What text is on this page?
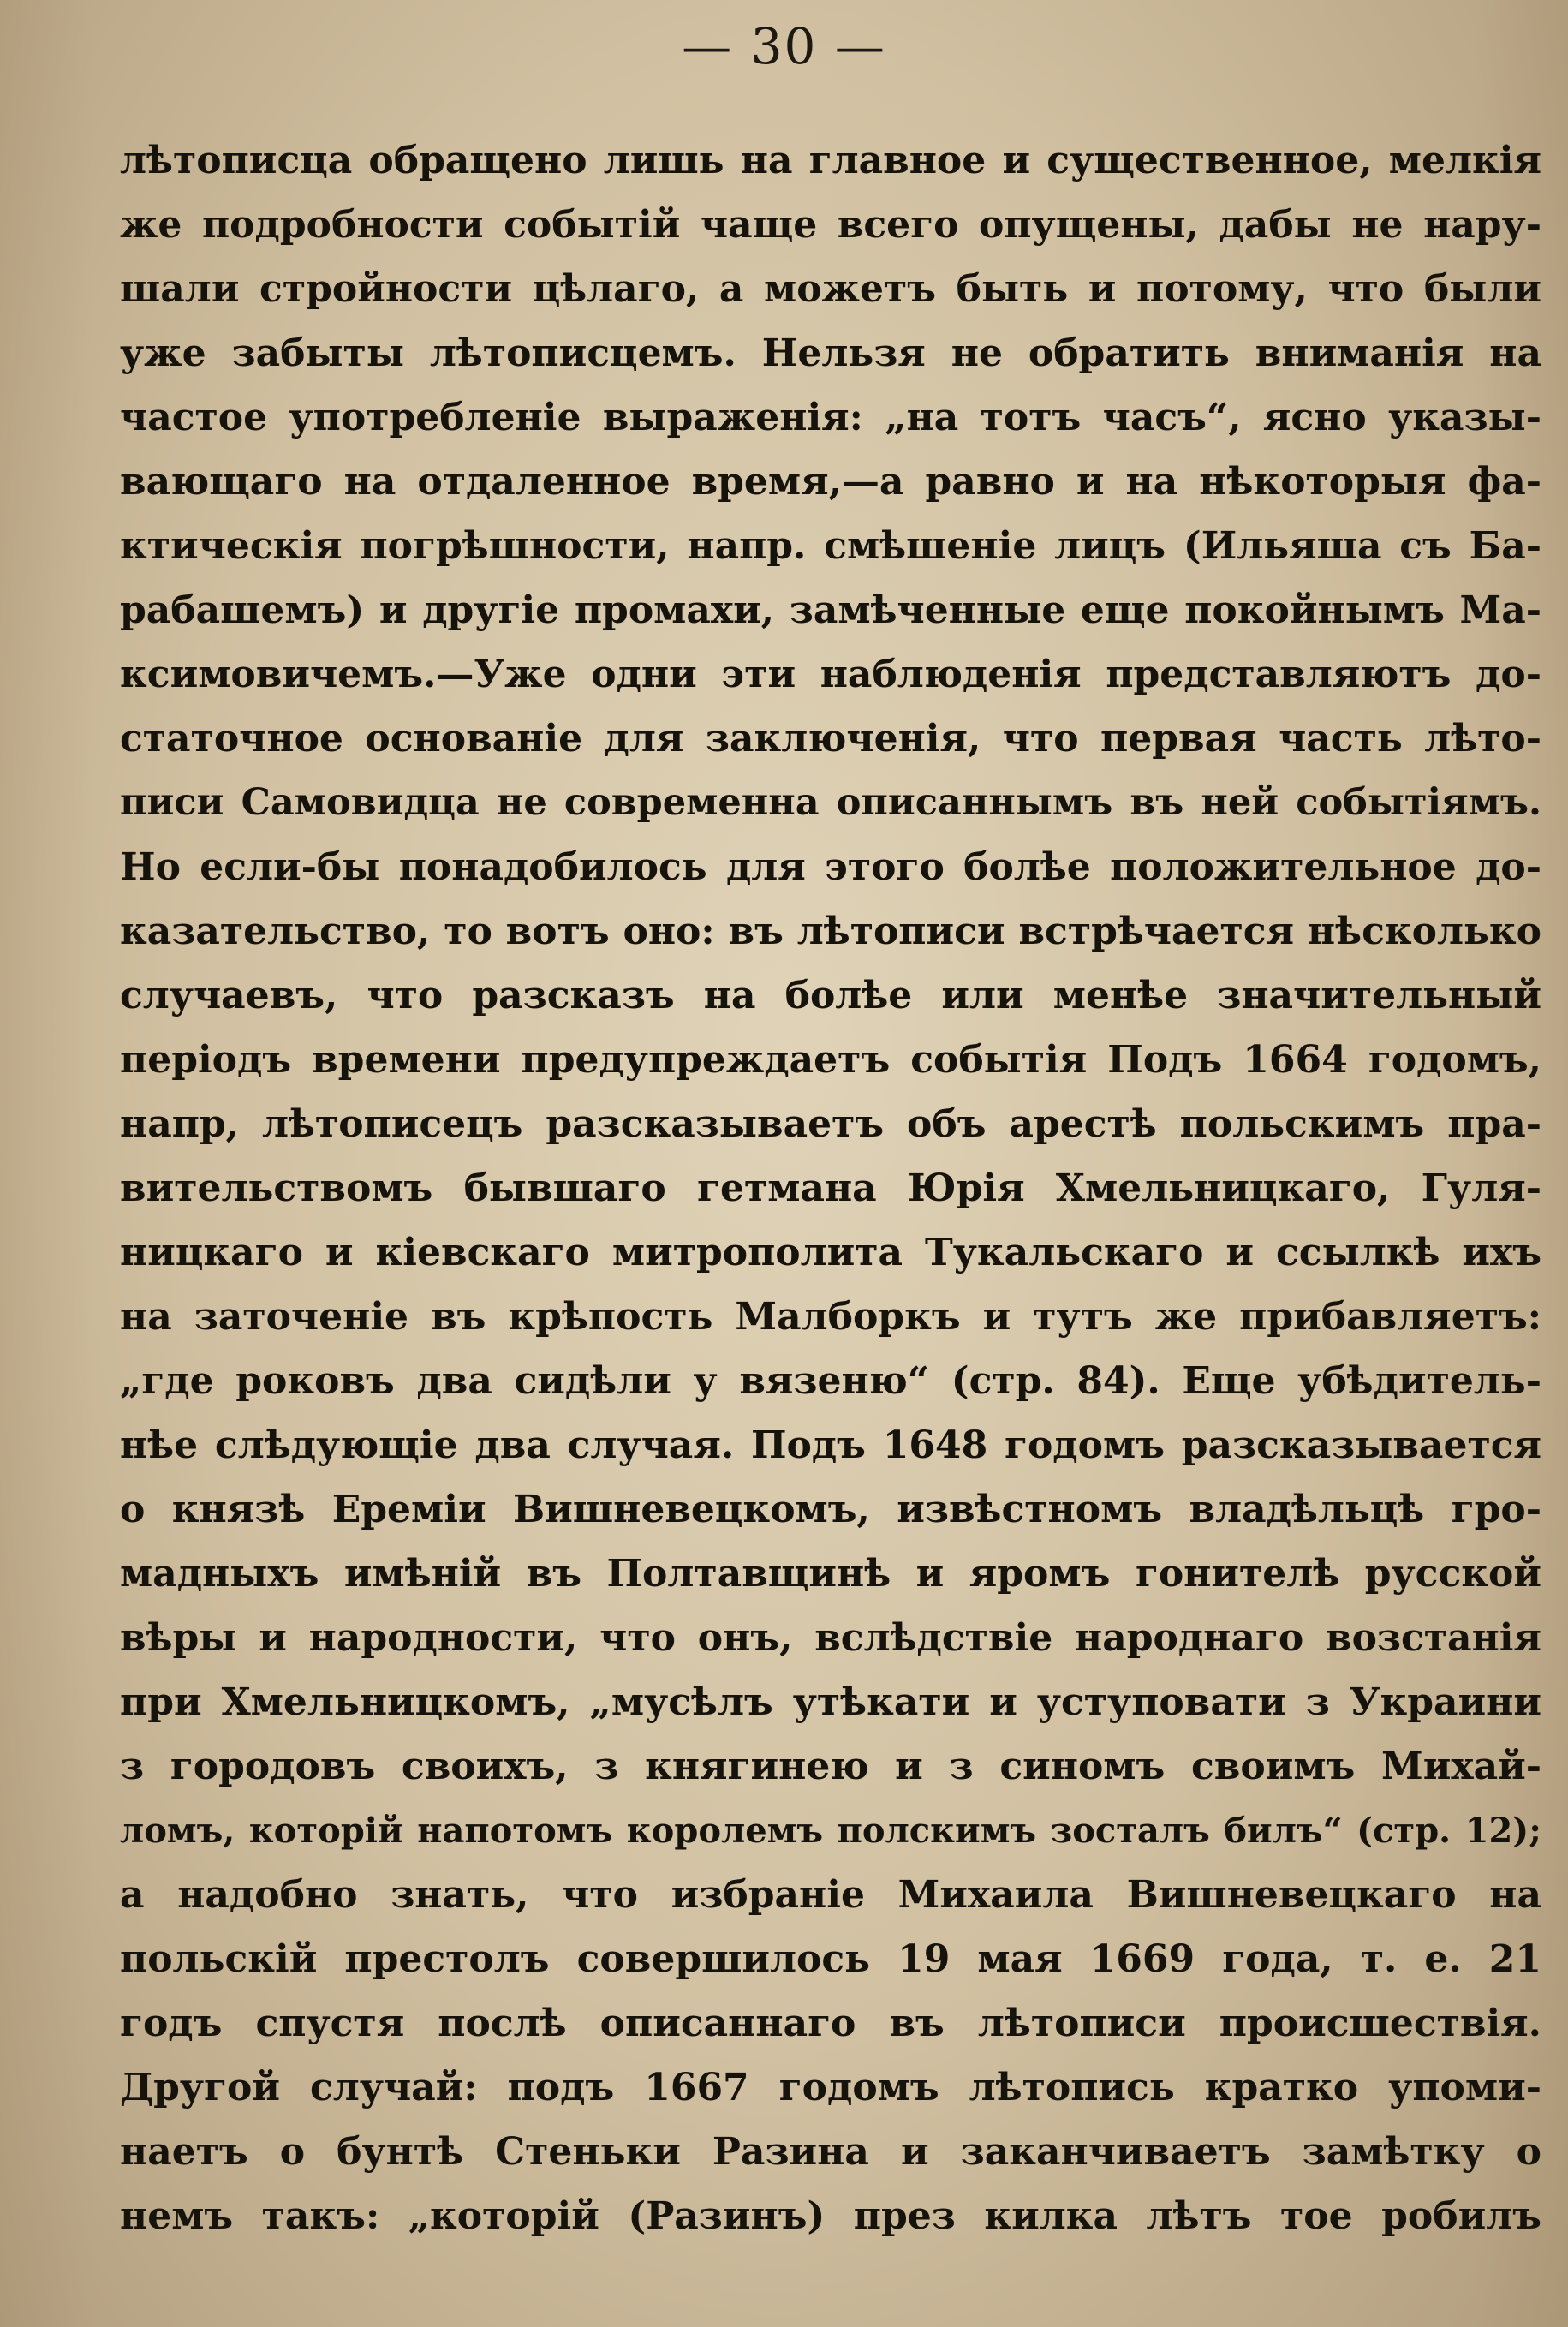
— 30 —
лѣтописца обращено лишь на главное и существенное, мелкія
же подробности событій чаще всего опущены, дабы не нару-
шали стройности цѣлаго, а можетъ быть и потому, что были
уже забыты лѣтописцемъ. Нельзя не обратить вниманія на
частое употребленіе выраженія: „на тотъ часъ“, ясно указы-
вающаго на отдаленное время,—а равно и на нѣкоторыя фа-
ктическія погрѣшности, напр. смѣшеніе лицъ (Ильяша съ Ба-
рабашемъ) и другіе промахи, замѣченные еще покойнымъ Ма-
ксимовичемъ.—Уже одни эти наблюденія представляютъ до-
статочное основаніе для заключенія, что первая часть лѣто-
писи Самовидца не современна описаннымъ въ ней событіямъ.
Но если-бы понадобилось для этого болѣе положительное до-
казательство, то вотъ оно: въ лѣтописи встрѣчается нѣсколько
случаевъ, что разсказъ на болѣе или менѣе значительный
періодъ времени предупреждаетъ событія Подъ 1664 годомъ,
напр, лѣтописецъ разсказываетъ объ арестѣ польскимъ пра-
вительствомъ бывшаго гетмана Юрія Хмельницкаго, Гуля-
ницкаго и кіевскаго митрополита Тукальскаго и ссылкѣ ихъ
на заточеніе въ крѣпость Малборкъ и тутъ же прибавляетъ:
„где роковъ два сидѣли у вязеню“ (стр. 84). Еще убѣдитель-
нѣе слѣдующіе два случая. Подъ 1648 годомъ разсказывается
о князѣ Ереміи Вишневецкомъ, извѣстномъ владѣльцѣ гро-
мадныхъ имѣній въ Полтавщинѣ и яромъ гонителѣ русской
вѣры и народности, что онъ, вслѣдствіе народнаго возстанія
при Хмельницкомъ, „мусѣлъ утѣкати и уступовати з Украини
з городовъ своихъ, з княгинею и з синомъ своимъ Михай-
ломъ, которій напотомъ королемъ полскимъ зосталъ билъ“ (стр. 12);
а надобно знать, что избраніе Михаила Вишневецкаго на
польскій престолъ совершилось 19 мая 1669 года, т. е. 21
годъ спустя послѣ описаннаго въ лѣтописи происшествія.
Другой случай: подъ 1667 годомъ лѣтопись кратко упоми-
наетъ о бунтѣ Стеньки Разина и заканчиваетъ замѣтку о
немъ такъ: „которій (Разинъ) през килка лѣтъ тое робилъ
